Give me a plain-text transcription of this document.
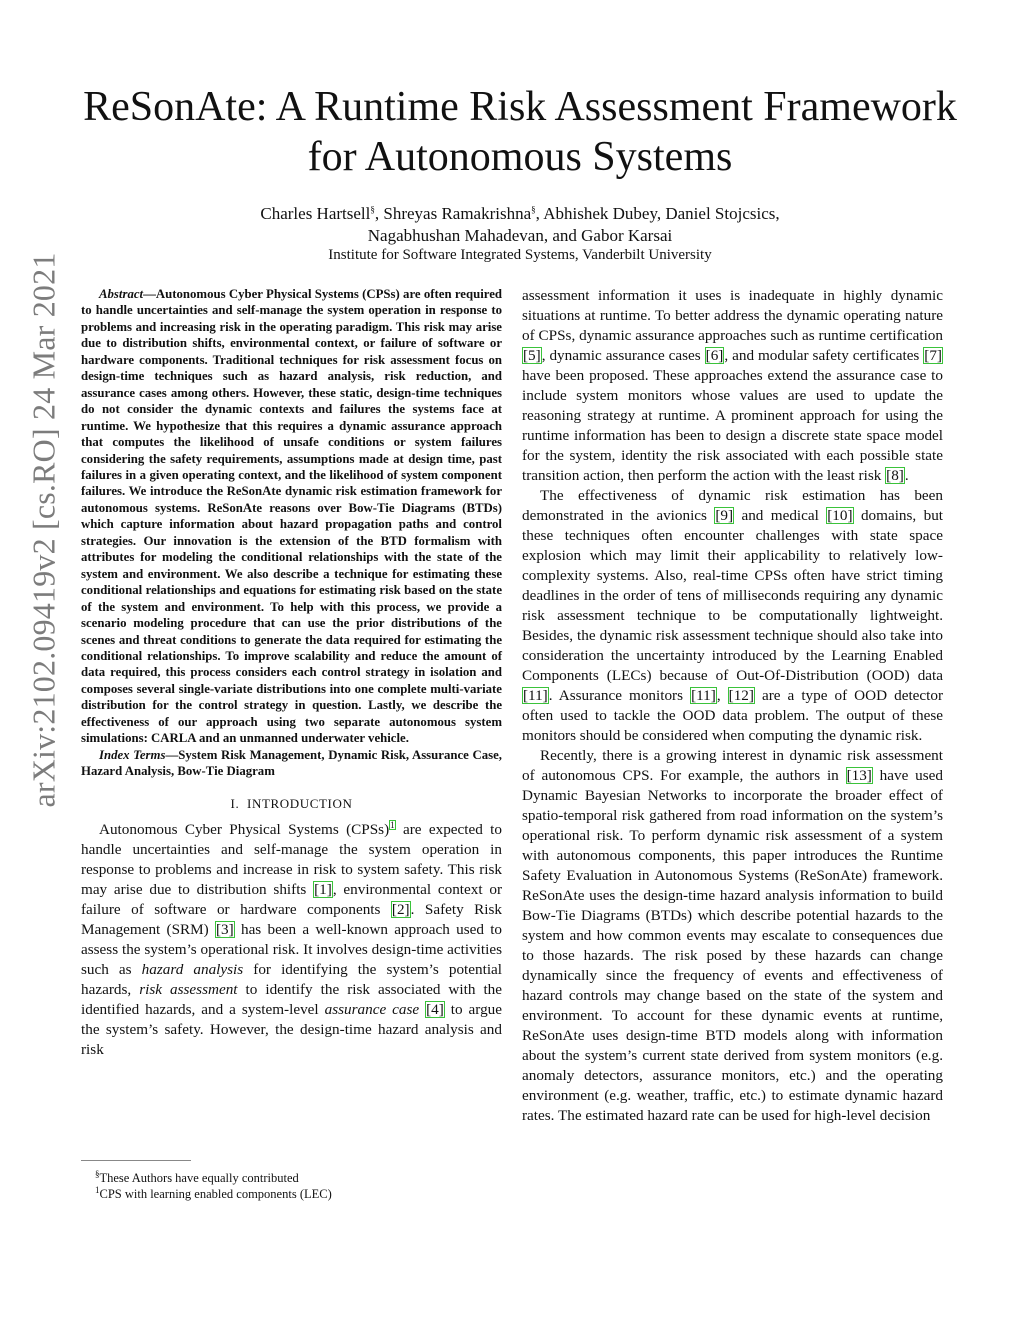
arXiv:2102.09419v2 [cs.RO] 24 Mar 2021
ReSonAte: A Runtime Risk Assessment Framework
for Autonomous Systems

Charles Hartsell§, Shreyas Ramakrishna§, Abhishek Dubey, Daniel Stojcsics,
Nagabhushan Mahadevan, and Gabor Karsai

Institute for Software Integrated Systems, Vanderbilt University

Abstract—Autonomous Cyber Physical Systems (CPSs) are often required to handle uncertainties and self-manage the system operation in response to problems and increasing risk in the operating paradigm. This risk may arise due to distribution shifts, environmental context, or failure of software or hardware components. Traditional techniques for risk assessment focus on design-time techniques such as hazard analysis, risk reduction, and assurance cases among others. However, these static, design-time techniques do not consider the dynamic contexts and failures the systems face at runtime. We hypothesize that this requires a dynamic assurance approach that computes the likelihood of unsafe conditions or system failures considering the safety requirements, assumptions made at design time, past failures in a given operating context, and the likelihood of system component failures. We introduce the ReSonAte dynamic risk estimation framework for autonomous systems. ReSonAte reasons over Bow-Tie Diagrams (BTDs) which capture information about hazard propagation paths and control strategies. Our innovation is the extension of the BTD formalism with attributes for modeling the conditional relationships with the state of the system and environment. We also describe a technique for estimating these conditional relationships and equations for estimating risk based on the state of the system and environment. To help with this process, we provide a scenario modeling procedure that can use the prior distributions of the scenes and threat conditions to generate the data required for estimating the conditional relationships. To improve scalability and reduce the amount of data required, this process considers each control strategy in isolation and composes several single-variate distributions into one complete multi-variate distribution for the control strategy in question. Lastly, we describe the effectiveness of our approach using two separate autonomous system simulations: CARLA and an unmanned underwater vehicle.

Index Terms—System Risk Management, Dynamic Risk, Assurance Case, Hazard Analysis, Bow-Tie Diagram

I. INTRODUCTION

Autonomous Cyber Physical Systems (CPSs)$^1$ are expected to handle uncertainties and self-manage the system operation in response to problems and increase in risk to system safety. This risk may arise due to distribution shifts [1], environmental context or failure of software or hardware components [2]. Safety Risk Management (SRM) [3] has been a well-known approach used to assess the system’s operational risk. It involves design-time activities such as hazard analysis for identifying the system’s potential hazards, risk assessment to identify the risk associated with the identified hazards, and a system-level assurance case [4] to argue the system’s safety. However, the design-time hazard analysis and risk

§These Authors have equally contributed

$^1$CPS with learning enabled components (LEC)

assessment information it uses is inadequate in highly dynamic situations at runtime. To better address the dynamic operating nature of CPSs, dynamic assurance approaches such as runtime certification [5], dynamic assurance cases [6], and modular safety certificates [7] have been proposed. These approaches extend the assurance case to include system monitors whose values are used to update the reasoning strategy at runtime. A prominent approach for using the runtime information has been to design a discrete state space model for the system, identity the risk associated with each possible state transition action, then perform the action with the least risk [8].

The effectiveness of dynamic risk estimation has been demonstrated in the avionics [9] and medical [10] domains, but these techniques often encounter challenges with state space explosion which may limit their applicability to relatively low-complexity systems. Also, real-time CPSs often have strict timing deadlines in the order of tens of milliseconds requiring any dynamic risk assessment technique to be computationally lightweight. Besides, the dynamic risk assessment technique should also take into consideration the uncertainty introduced by the Learning Enabled Components (LECs) because of Out-Of-Distribution (OOD) data [11]. Assurance monitors [11], [12] are a type of OOD detector often used to tackle the OOD data problem. The output of these monitors should be considered when computing the dynamic risk.

Recently, there is a growing interest in dynamic risk assessment of autonomous CPS. For example, the authors in [13] have used Dynamic Bayesian Networks to incorporate the broader effect of spatio-temporal risk gathered from road information on the system’s operational risk. To perform dynamic risk assessment of a system with autonomous components, this paper introduces the Runtime Safety Evaluation in Autonomous Systems (ReSonAte) framework. ReSonAte uses the design-time hazard analysis information to build Bow-Tie Diagrams (BTDs) which describe potential hazards to the system and how common events may escalate to consequences due to those hazards. The risk posed by these hazards can change dynamically since the frequency of events and effectiveness of hazard controls may change based on the state of the system and environment. To account for these dynamic events at runtime, ReSonAte uses design-time BTD models along with information about the system’s current state derived from system monitors (e.g. anomaly detectors, assurance monitors, etc.) and the operating environment (e.g. weather, traffic, etc.) to estimate dynamic hazard rates. The estimated hazard rate can be used for high-level decision
